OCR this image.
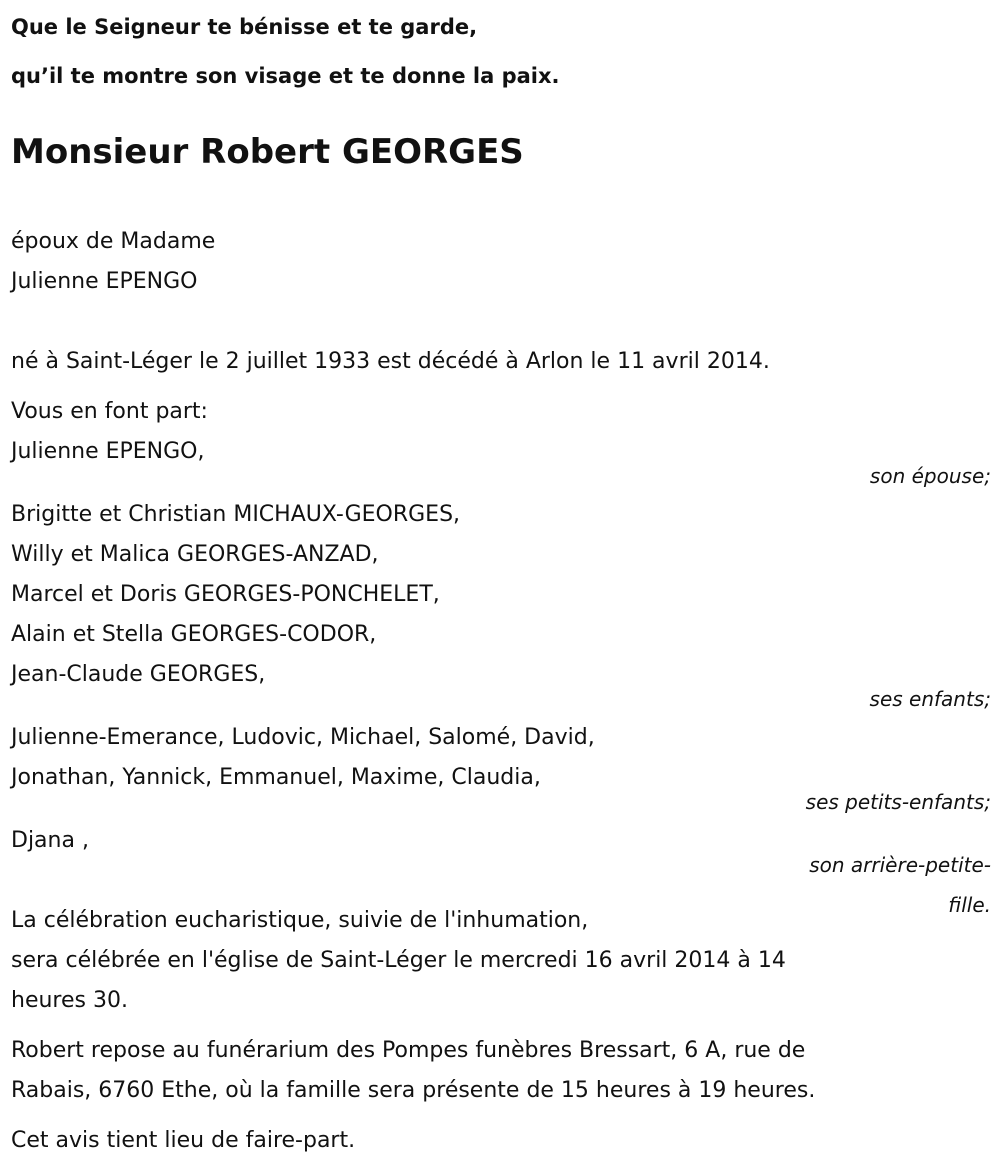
Que le Seigneur te bénisse et te garde,
qu’il te montre son visage et te donne la paix.
Monsieur Robert GEORGES
époux de Madame
Julienne EPENGO
né à Saint-Léger le 2 juillet 1933 est décédé à Arlon le 11 avril 2014.
Vous en font part:
Julienne EPENGO,
son épouse;
Brigitte et Christian MICHAUX-GEORGES,
Willy et Malica GEORGES-ANZAD,
Marcel et Doris GEORGES-PONCHELET,
Alain et Stella GEORGES-CODOR,
Jean-Claude GEORGES,
ses enfants;
Julienne-Emerance, Ludovic, Michael, Salomé, David,
Jonathan, Yannick, Emmanuel, Maxime, Claudia,
ses petits-enfants;
Djana ,
son arrière-petite-
fille.
La célébration eucharistique, suivie de l'inhumation,
sera célébrée en l'église de Saint-Léger le mercredi 16 avril 2014 à 14
heures 30.
Robert repose au funérarium des Pompes funèbres Bressart, 6 A, rue de
Rabais, 6760 Ethe, où la famille sera présente de 15 heures à 19 heures.
Cet avis tient lieu de faire-part.
